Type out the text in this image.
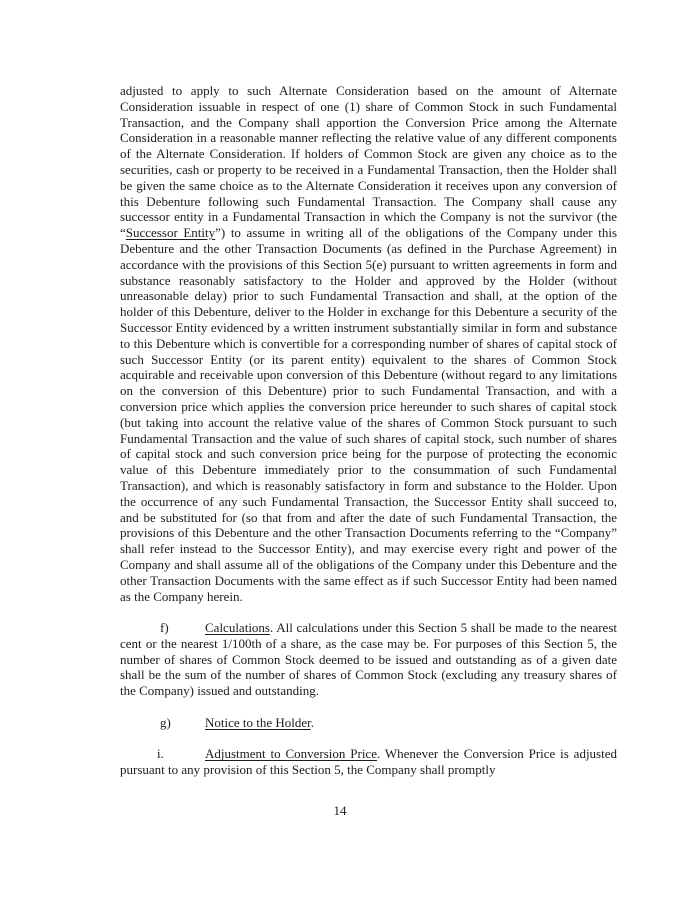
adjusted to apply to such Alternate Consideration based on the amount of Alternate Consideration issuable in respect of one (1) share of Common Stock in such Fundamental Transaction, and the Company shall apportion the Conversion Price among the Alternate Consideration in a reasonable manner reflecting the relative value of any different components of the Alternate Consideration. If holders of Common Stock are given any choice as to the securities, cash or property to be received in a Fundamental Transaction, then the Holder shall be given the same choice as to the Alternate Consideration it receives upon any conversion of this Debenture following such Fundamental Transaction. The Company shall cause any successor entity in a Fundamental Transaction in which the Company is not the survivor (the “Successor Entity”) to assume in writing all of the obligations of the Company under this Debenture and the other Transaction Documents (as defined in the Purchase Agreement) in accordance with the provisions of this Section 5(e) pursuant to written agreements in form and substance reasonably satisfactory to the Holder and approved by the Holder (without unreasonable delay) prior to such Fundamental Transaction and shall, at the option of the holder of this Debenture, deliver to the Holder in exchange for this Debenture a security of the Successor Entity evidenced by a written instrument substantially similar in form and substance to this Debenture which is convertible for a corresponding number of shares of capital stock of such Successor Entity (or its parent entity) equivalent to the shares of Common Stock acquirable and receivable upon conversion of this Debenture (without regard to any limitations on the conversion of this Debenture) prior to such Fundamental Transaction, and with a conversion price which applies the conversion price hereunder to such shares of capital stock (but taking into account the relative value of the shares of Common Stock pursuant to such Fundamental Transaction and the value of such shares of capital stock, such number of shares of capital stock and such conversion price being for the purpose of protecting the economic value of this Debenture immediately prior to the consummation of such Fundamental Transaction), and which is reasonably satisfactory in form and substance to the Holder. Upon the occurrence of any such Fundamental Transaction, the Successor Entity shall succeed to, and be substituted for (so that from and after the date of such Fundamental Transaction, the provisions of this Debenture and the other Transaction Documents referring to the “Company” shall refer instead to the Successor Entity), and may exercise every right and power of the Company and shall assume all of the obligations of the Company under this Debenture and the other Transaction Documents with the same effect as if such Successor Entity had been named as the Company herein.

f)	Calculations. All calculations under this Section 5 shall be made to the nearest cent or the nearest 1/100th of a share, as the case may be. For purposes of this Section 5, the number of shares of Common Stock deemed to be issued and outstanding as of a given date shall be the sum of the number of shares of Common Stock (excluding any treasury shares of the Company) issued and outstanding.

g)	Notice to the Holder.

i.	Adjustment to Conversion Price. Whenever the Conversion Price is adjusted pursuant to any provision of this Section 5, the Company shall promptly

14
